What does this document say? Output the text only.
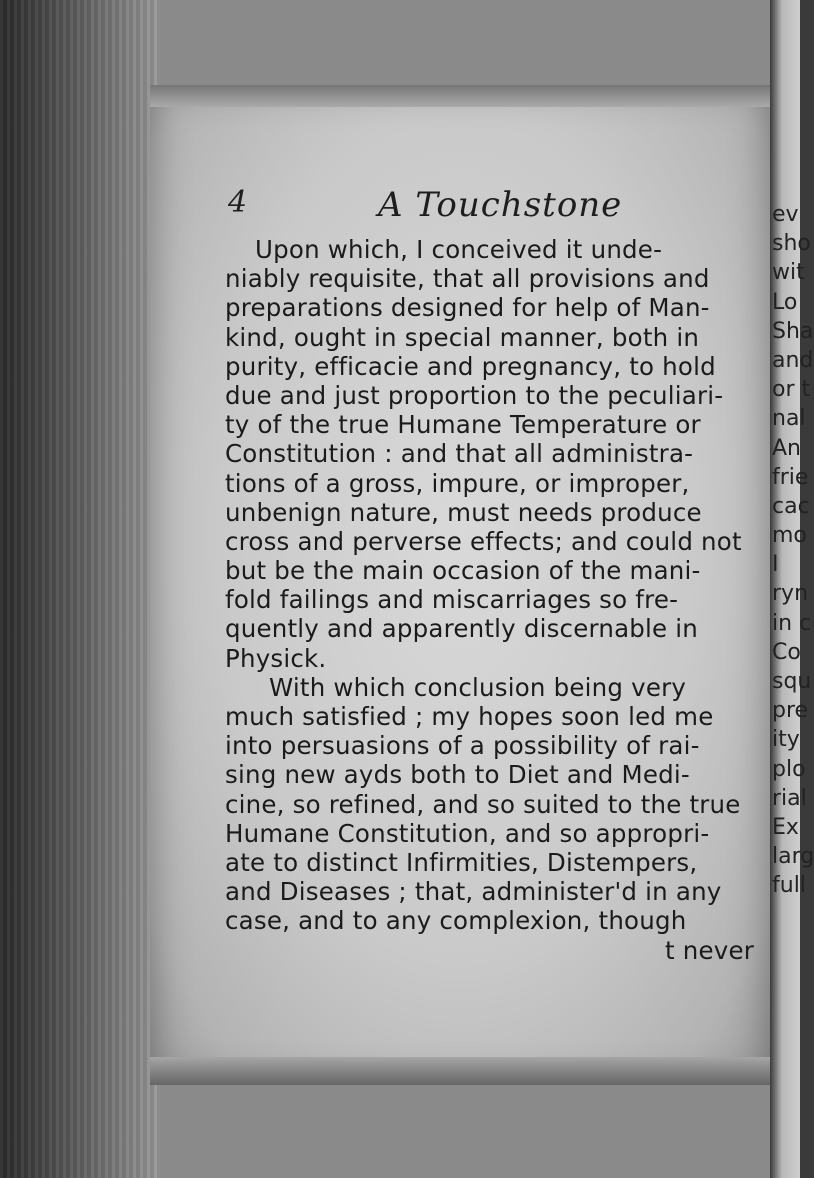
4	A Touchstone
Upon which, I conceived it unde-
niably requisite, that all provisions and
preparations designed for help of Man-
kind, ought in special manner, both in
purity, efficacie and pregnancy, to hold
due and just proportion to the peculiari-
ty of the true Humane Temperature or
Constitution : and that all administra-
tions of a gross, impure, or improper,
unbenign nature, must needs produce
cross and perverse effects; and could not
but be the main occasion of the mani-
fold failings and miscarriages so fre-
quently and apparently discernable in
Physick.
With which conclusion being very
much satisfied ; my hopes soon led me
into persuasions of a possibility of rai-
sing new ayds both to Diet and Medi-
cine, so refined, and so suited to the true
Humane Constitution, and so appropri-
ate to distinct Infirmities, Distempers,
and Diseases ; that, administer'd in any
case, and to any complexion, though
t never
ev
sho
wit
Lo
Sha
and
or t
nal
An
frie
cac
mo
I
ryn
in c
Co
squ
pre
ity
plo
rial
Ex
larg
full
